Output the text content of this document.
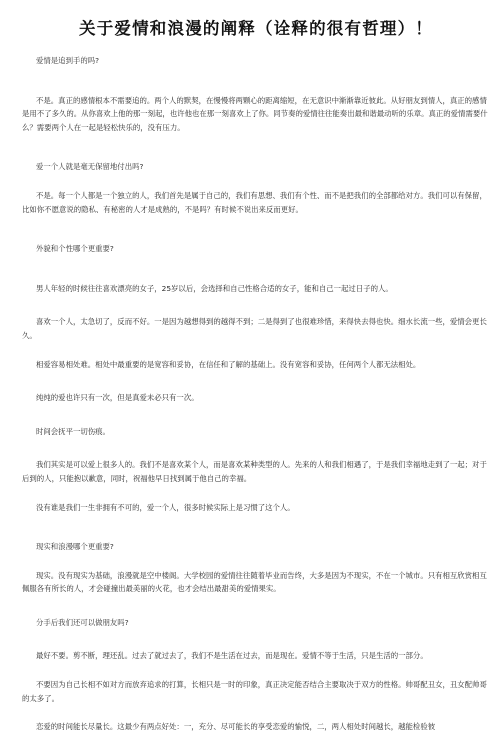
关于爱情和浪漫的阐释（诠释的很有哲理）！

爱情是追到手的吗?

不是。真正的感情根本不需要追的。两个人的默契，在慢慢将两颗心的距离缩短，在无意识中渐渐靠近彼此。从好朋友到情人，真正的感情是用不了多久的。从你喜欢上他的那一刻起，也许他也在那一刻喜欢上了你。同节奏的爱情往往能奏出最和谐最动听的乐章。真正的爱情需要什么？需要两个人在一起是轻松快乐的，没有压力。

爱一个人就是毫无保留地付出吗?

不是。每一个人都是一个独立的人，我们首先是属于自己的，我们有思想、我们有个性、而不是把我们的全部都给对方。我们可以有保留，比如你不愿意说的隐私、有秘密的人才是成熟的，不是吗？有时候不说出来反而更好。

外貌和个性哪个更重要?

男人年轻的时候往往喜欢漂亮的女子，25岁以后，会选择和自己性格合适的女子，能和自己一起过日子的人。

喜欢一个人，太急切了，反而不好。一是因为越想得到的越得不到；二是得到了也很难珍惜，来得快去得也快。细水长流一些，爱情会更长久。

相爱容易相处难。相处中最重要的是宽容和妥协，在信任和了解的基础上。没有宽容和妥协，任何两个人都无法相处。

纯纯的爱也许只有一次，但是真爱未必只有一次。

时间会抚平一切伤痕。

我们其实是可以爱上很多人的。我们不是喜欢某个人，而是喜欢某种类型的人。先来的人和我们相遇了，于是我们幸福地走到了一起；对于后到的人，只能抱以歉意，同时，祝福他早日找到属于他自己的幸福。

没有谁是我们一生非拥有不可的，爱一个人，很多时候实际上是习惯了这个人。

现实和浪漫哪个更重要?

现实。没有现实为基础，浪漫就是空中楼阁。大学校园的爱情往往随着毕业而告终，大多是因为不现实，不在一个城市。只有相互欣赏相互佩服各有所长的人，才会碰撞出最美丽的火花，也才会结出最甜美的爱情果实。

分手后我们还可以做朋友吗?

最好不要。剪不断，理还乱。过去了就过去了，我们不是生活在过去，而是现在。爱情不等于生活，只是生活的一部分。

不要因为自己长相不如对方而放弃追求的打算，长相只是一时的印象，真正决定能否结合主要取决于双方的性格。帅哥配丑女，丑女配帅哥的太多了。

恋爱的时间能长尽量长。这最少有两点好处：一，充分、尽可能长的享受恋爱的愉悦，二，两人相处时间越长，越能检验彼
